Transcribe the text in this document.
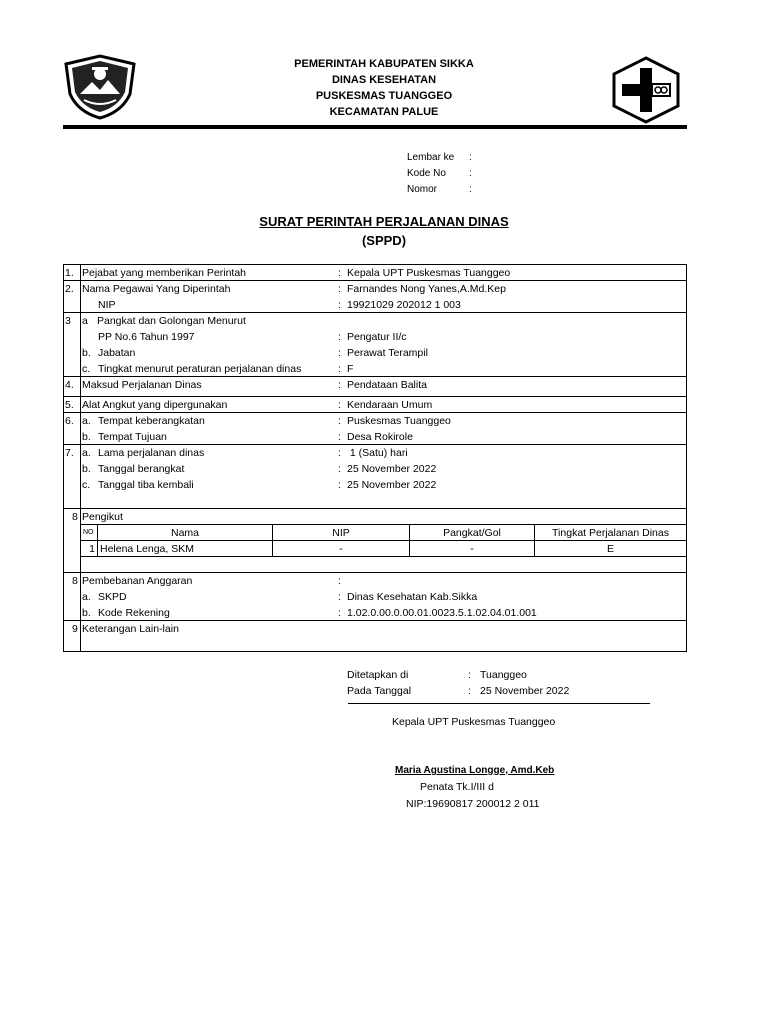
PEMERINTAH KABUPATEN SIKKA
DINAS KESEHATAN
PUSKESMAS TUANGGEO
KECAMATAN PALUE
Lembar ke :
Kode No :
Nomor	:
SURAT PERINTAH PERJALANAN DINAS
(SPPD)
1. Pejabat yang memberikan Perintah	: Kepala UPT Puskesmas Tuanggeo
2. Nama Pegawai Yang Diperintah	: Farnandes Nong Yanes,A.Md.Kep
NIP	: 19921029 202012 1 003
3 a Pangkat dan Golongan Menurut
PP No.6 Tahun 1997	: Pengatur II/c
b. Jabatan	: Perawat Terampil
c. Tingkat menurut peraturan perjalanan dinas	: F
4. Maksud Perjalanan Dinas	: Pendataan Balita
5. Alat Angkut yang dipergunakan	: Kendaraan Umum
6. a. Tempat keberangkatan	: Puskesmas Tuanggeo
b. Tempat Tujuan	: Desa Rokirole
7. a. Lama perjalanan dinas	: 1 (Satu) hari
b. Tanggal berangkat	: 25 November 2022
c. Tanggal tiba kembali	: 25 November 2022
8 Pengikut
NO	Nama	NIP	Pangkat/Gol	Tingkat Perjalanan Dinas
1	Helena Lenga, SKM	-	-	E
8 Pembebanan Anggaran	:
a. SKPD	: Dinas Kesehatan Kab.Sikka
b. Kode Rekening	: 1.02.0.00.0.00.01.0023.5.1.02.04.01.001
9 Keterangan Lain-lain
Ditetapkan di	: Tuanggeo
Pada Tanggal	: 25 November 2022
Kepala UPT Puskesmas Tuanggeo
Maria Agustina Longge, Amd.Keb
Penata Tk.I/III d
NIP:19690817 200012 2 011
